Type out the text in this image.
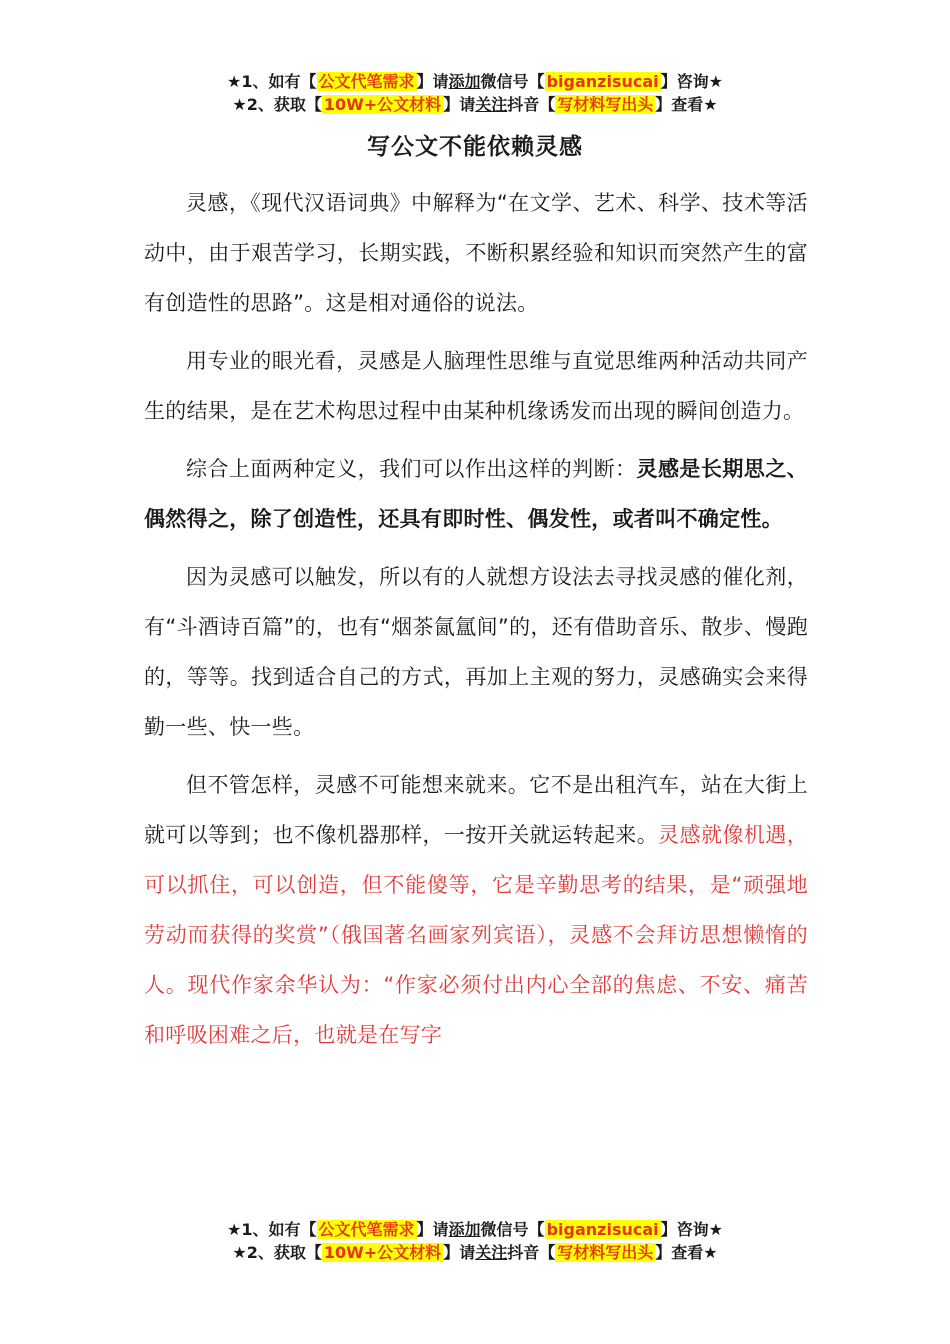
★1、如有【 公文代笔需求 】请添加微信号【 biganzisucai 】咨询★
★2、获取【 10W+公文材料 】请关注抖音【 写材料写出头 】查看★
写公文不能依赖灵感

灵感，《现代汉语词典》中解释为“在文学、艺术、科学、技术等活动中，由于艰苦学习，长期实践，不断积累经验和知识而突然产生的富有创造性的思路”。这是相对通俗的说法。

用专业的眼光看，灵感是人脑理性思维与直觉思维两种活动共同产生的结果，是在艺术构思过程中由某种机缘诱发而出现的瞬间创造力。

综合上面两种定义，我们可以作出这样的判断：灵感是长期思之、偶然得之，除了创造性，还具有即时性、偶发性，或者叫不确定性。

因为灵感可以触发，所以有的人就想方设法去寻找灵感的催化剂，有“斗酒诗百篇”的，也有“烟茶氤氲间”的，还有借助音乐、散步、慢跑的，等等。找到适合自己的方式，再加上主观的努力，灵感确实会来得勤一些、快一些。

但不管怎样，灵感不可能想来就来。它不是出租汽车，站在大街上就可以等到；也不像机器那样，一按开关就运转起来。灵感就像机遇，可以抓住，可以创造，但不能傻等，它是辛勤思考的结果，是“顽强地劳动而获得的奖赏”（俄国著名画家列宾语），灵感不会拜访思想懒惰的人。现代作家余华认为：“作家必须付出内心全部的焦虑、不安、痛苦和呼吸困难之后，也就是在写字

★1、如有【 公文代笔需求 】请添加微信号【 biganzisucai 】咨询★
★2、获取【 10W+公文材料 】请关注抖音【 写材料写出头 】查看★
